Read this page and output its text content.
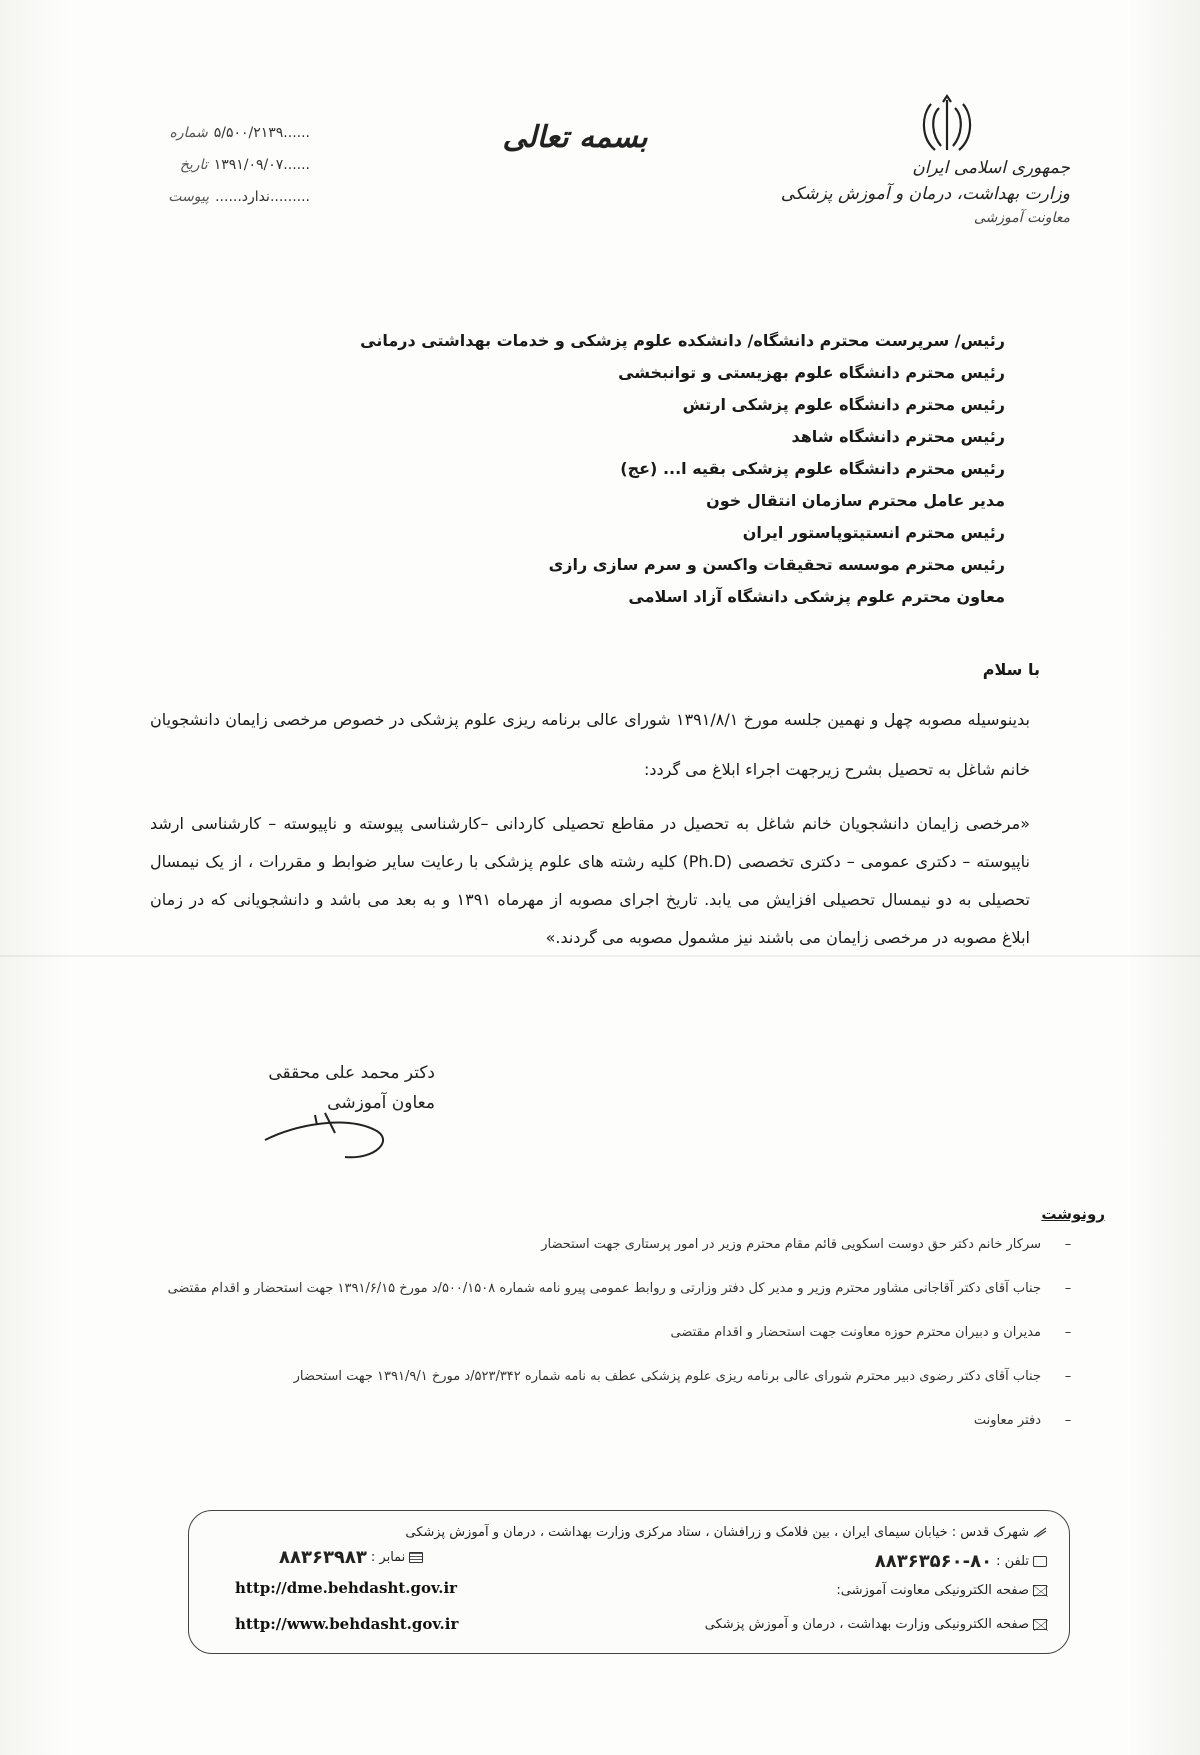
جمهوری اسلامی ایران
وزارت بهداشت، درمان و آموزش پزشکی
معاونت آموزشی
بسمه تعالی
شماره ۵/۵۰۰/۲۱۳۹......
تاریخ ۱۳۹۱/۰۹/۰۷......
پیوست ......ندارد.........
رئیس/ سرپرست محترم دانشگاه/ دانشکده علوم پزشکی و خدمات بهداشتی درمانی
رئیس محترم دانشگاه علوم بهزیستی و توانبخشی
رئیس محترم دانشگاه علوم پزشکی ارتش
رئیس محترم دانشگاه شاهد
رئیس محترم دانشگاه علوم پزشکی بقیه ا... (عج)
مدیر عامل محترم سازمان انتقال خون
رئیس محترم انستیتوپاستور ایران
رئیس محترم موسسه تحقیقات واکسن و سرم سازی رازی
معاون محترم علوم پزشکی دانشگاه آزاد اسلامی
با سلام
بدینوسیله مصوبه چهل و نهمین جلسه مورخ ۱۳۹۱/۸/۱ شورای عالی برنامه ریزی علوم پزشکی در خصوص مرخصی زایمان دانشجویان خانم شاغل به تحصیل بشرح زیرجهت اجراء ابلاغ می گردد:
«مرخصی زایمان دانشجویان خانم شاغل به تحصیل در مقاطع تحصیلی کاردانی –کارشناسی پیوسته و ناپیوسته – کارشناسی ارشد ناپیوسته – دکتری عمومی – دکتری تخصصی (Ph.D) کلیه رشته های علوم پزشکی با رعایت سایر ضوابط و مقررات ، از یک نیمسال تحصیلی به دو نیمسال تحصیلی افزایش می یابد. تاریخ اجرای مصوبه از مهرماه ۱۳۹۱ و به بعد می باشد و دانشجویانی که در زمان ابلاغ مصوبه در مرخصی زایمان می باشند نیز مشمول مصوبه می گردند.»
دکتر محمد علی محققی
معاون آموزشی
رونوشت
–
سرکار خانم دکتر حق دوست اسکویی قائم مقام محترم وزیر در امور پرستاری جهت استحضار
–
جناب آقای دکتر آقاجانی مشاور محترم وزیر و مدیر کل دفتر وزارتی و روابط عمومی پیرو نامه شماره ۵۰۰/۱۵۰۸/د مورخ ۱۳۹۱/۶/۱۵ جهت استحضار و اقدام مقتضی
–
مدیران و دبیران محترم حوزه معاونت جهت استحضار و اقدام مقتضی
–
جناب آقای دکتر رضوی دبیر محترم شورای عالی برنامه ریزی علوم پزشکی عطف به نامه شماره ۵۲۳/۳۴۲/د مورخ ۱۳۹۱/۹/۱ جهت استحضار
–
دفتر معاونت
شهرک قدس : خیابان سیمای ایران ، بین فلامک و زرافشان ، ستاد مرکزی وزارت بهداشت ، درمان و آموزش پزشکی
تلفن :
۸۸۳۶۳۵۶۰-۸۰
نمابر :
۸۸۳۶۳۹۸۳
صفحه الکترونیکی معاونت آموزشی:
http://dme.behdasht.gov.ir
صفحه الکترونیکی وزارت بهداشت ، درمان و آموزش پزشکی
http://www.behdasht.gov.ir
